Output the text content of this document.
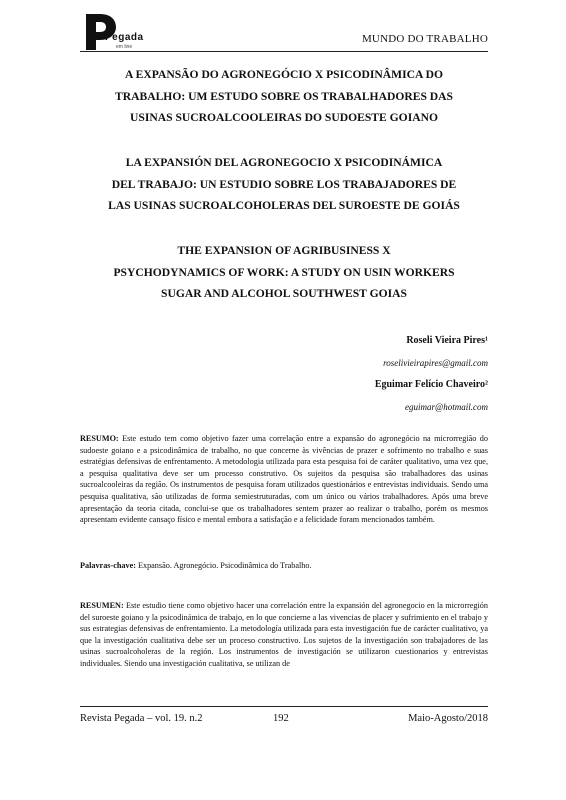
Pegada
em line
MUNDO DO TRABALHO
A EXPANSÃO DO AGRONEGÓCIO X PSICODINÂMICA DO
TRABALHO: UM ESTUDO SOBRE OS TRABALHADORES DAS
USINAS SUCROALCOOLEIRAS DO SUDOESTE GOIANO
LA EXPANSIÓN DEL AGRONEGOCIO X PSICODINÁMICA
DEL TRABAJO: UN ESTUDIO SOBRE LOS TRABAJADORES DE
LAS USINAS SUCROALCOHOLERAS DEL SUROESTE DE GOIÁS
THE EXPANSION OF AGRIBUSINESS X
PSYCHODYNAMICS OF WORK: A STUDY ON USIN WORKERS
SUGAR AND ALCOHOL SOUTHWEST GOIAS
Roseli Vieira Pires¹
roselivieirapires@gmail.com
Eguimar Felício Chaveiro²
eguimar@hotmail.com
RESUMO: Este estudo tem como objetivo fazer uma correlação entre a expansão do agronegócio na microrregião do sudoeste goiano e a psicodinâmica de trabalho, no que concerne às vivências de prazer e sofrimento no trabalho e suas estratégias defensivas de enfrentamento. A metodologia utilizada para esta pesquisa foi de caráter qualitativo, uma vez que, a pesquisa qualitativa deve ser um processo construtivo. Os sujeitos da pesquisa são trabalhadores das usinas sucroalcooleiras da região. Os instrumentos de pesquisa foram utilizados questionários e entrevistas individuais. Sendo uma pesquisa qualitativa, são utilizadas de forma semiestruturadas, com um único ou vários trabalhadores. Após uma breve apresentação da teoria citada, conclui-se que os trabalhadores sentem prazer ao realizar o trabalho, porém os mesmos apresentam evidente cansaço físico e mental embora a satisfação e a felicidade foram mencionados também.
Palavras-chave: Expansão. Agronegócio. Psicodinâmica do Trabalho.
RESUMEN: Este estudio tiene como objetivo hacer una correlación entre la expansión del agronegocio en la microrregión del suroeste goiano y la psicodinámica de trabajo, en lo que concierne a las vivencias de placer y sufrimiento en el trabajo y sus estrategias defensivas de enfrentamiento. La metodología utilizada para esta investigación fue de carácter cualitativo, ya que la investigación cualitativa debe ser un proceso constructivo. Los sujetos de la investigación son trabajadores de las usinas sucroalcoholeras de la región. Los instrumentos de investigación se utilizaron cuestionarios y entrevistas individuales. Siendo una investigación cualitativa, se utilizan de
Revista Pegada – vol. 19. n.2	192	Maio-Agosto/2018
